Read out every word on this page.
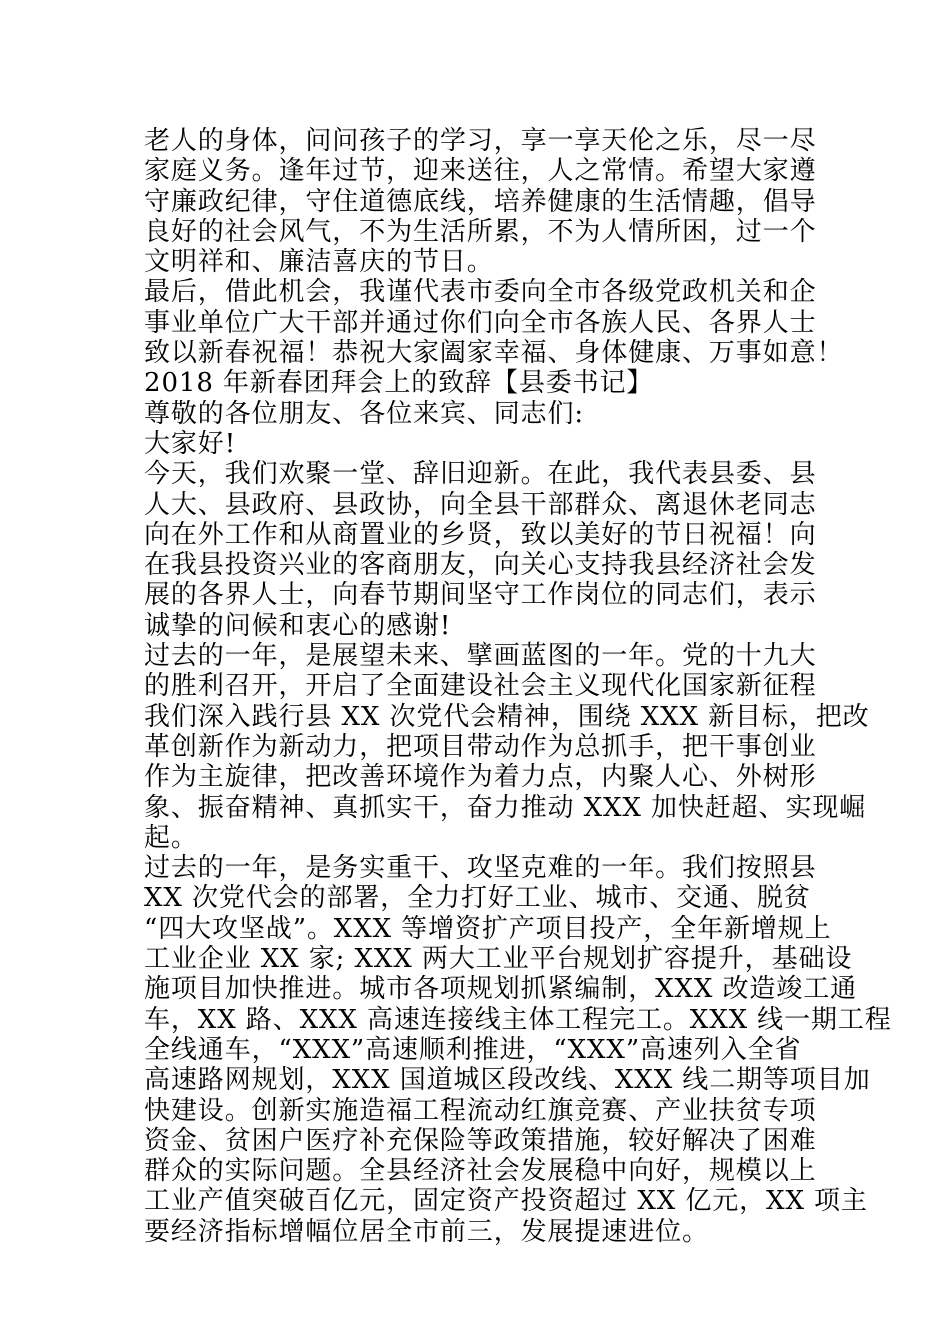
老人的身体，问问孩子的学习，享一享天伦之乐，尽一尽

家庭义务。逢年过节，迎来送往，人之常情。希望大家遵

守廉政纪律，守住道德底线，培养健康的生活情趣，倡导

良好的社会风气，不为生活所累，不为人情所困，过一个

文明祥和、廉洁喜庆的节日。

最后，借此机会，我谨代表市委向全市各级党政机关和企

事业单位广大干部并通过你们向全市各族人民、各界人士

致以新春祝福！恭祝大家阖家幸福、身体健康、万事如意！

2018 年新春团拜会上的致辞【县委书记】

尊敬的各位朋友、各位来宾、同志们:

大家好!

今天，我们欢聚一堂、辞旧迎新。在此，我代表县委、县

人大、县政府、县政协，向全县干部群众、离退休老同志

向在外工作和从商置业的乡贤，致以美好的节日祝福！向

在我县投资兴业的客商朋友，向关心支持我县经济社会发

展的各界人士，向春节期间坚守工作岗位的同志们，表示

诚挚的问候和衷心的感谢!

过去的一年，是展望未来、擘画蓝图的一年。党的十九大

的胜利召开，开启了全面建设社会主义现代化国家新征程

我们深入践行县 XX 次党代会精神，围绕 XXX 新目标，把改

革创新作为新动力，把项目带动作为总抓手，把干事创业

作为主旋律，把改善环境作为着力点，内聚人心、外树形

象、振奋精神、真抓实干，奋力推动 XXX 加快赶超、实现崛

起。

过去的一年，是务实重干、攻坚克难的一年。我们按照县

XX 次党代会的部署，全力打好工业、城市、交通、脱贫

“四大攻坚战”。XXX 等增资扩产项目投产，全年新增规上

工业企业 XX 家; XXX 两大工业平台规划扩容提升，基础设

施项目加快推进。城市各项规划抓紧编制，XXX 改造竣工通

车，XX 路、XXX 高速连接线主体工程完工。XXX 线一期工程

全线通车，“XXX”高速顺利推进，“XXX”高速列入全省

高速路网规划，XXX 国道城区段改线、XXX 线二期等项目加

快建设。创新实施造福工程流动红旗竞赛、产业扶贫专项

资金、贫困户医疗补充保险等政策措施，较好解决了困难

群众的实际问题。全县经济社会发展稳中向好，规模以上

工业产值突破百亿元，固定资产投资超过 XX 亿元，XX 项主

要经济指标增幅位居全市前三，发展提速进位。
